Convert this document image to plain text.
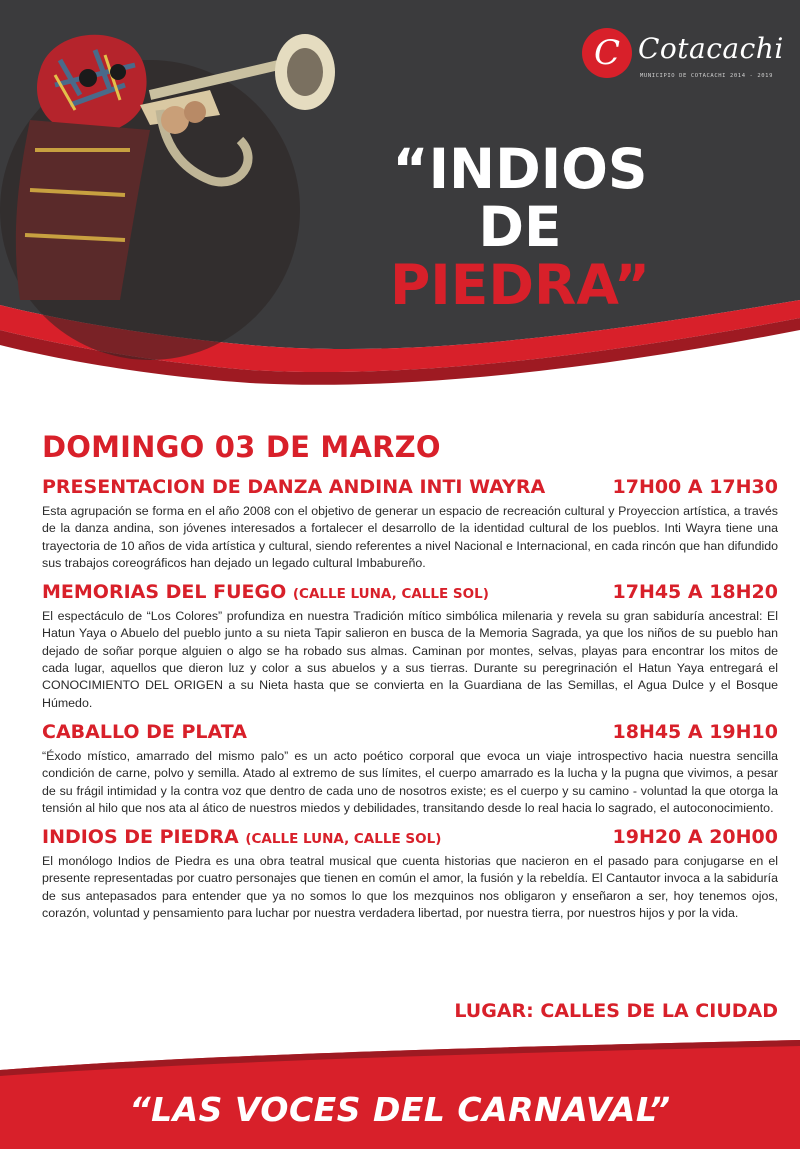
C Cotacachi
MUNICIPIO DE COTACACHI 2014 - 2019
“INDIOS
DE
PIEDRA”
DOMINGO 03 DE MARZO
PRESENTACION DE DANZA ANDINA INTI WAYRA	17H00 A 17H30
Esta agrupación se forma en el año 2008 con el objetivo de generar un espacio de recreación cultural y Proyeccion artística, a través de la danza andina, son jóvenes interesados a fortalecer el desarrollo de la identidad cultural de los pueblos. Inti Wayra tiene una trayectoria de 10 años de vida artística y cultural, siendo referentes a nivel Nacional e Internacional, en cada rincón que han difundido sus trabajos coreográficos han dejado un legado cultural Imbabureño.
MEMORIAS DEL FUEGO (CALLE LUNA, CALLE SOL)	17H45 A 18H20
El espectáculo de “Los Colores” profundiza en nuestra Tradición mítico simbólica milenaria y revela su gran sabiduría ancestral: El Hatun Yaya o Abuelo del pueblo junto a su nieta Tapir salieron en busca de la Memoria Sagrada, ya que los niños de su pueblo han dejado de soñar porque alguien o algo se ha robado sus almas. Caminan por montes, selvas, playas para encontrar los mitos de cada lugar, aquellos que dieron luz y color a sus abuelos y a sus tierras. Durante su peregrinación el Hatun Yaya entregará el CONOCIMIENTO DEL ORIGEN a su Nieta hasta que se convierta en la Guardiana de las Semillas, el Agua Dulce y el Bosque Húmedo.
CABALLO DE PLATA	18H45 A 19H10
“Éxodo místico, amarrado del mismo palo” es un acto poético corporal que evoca un viaje introspectivo hacia nuestra sencilla condición de carne, polvo y semilla. Atado al extremo de sus límites, el cuerpo amarrado es la lucha y la pugna que vivimos, a pesar de su frágil intimidad y la contra voz que dentro de cada uno de nosotros existe; es el cuerpo y su camino - voluntad la que otorga la tensión al hilo que nos ata al ático de nuestros miedos y debilidades, transitando desde lo real hacia lo sagrado, el autoconocimiento.
INDIOS DE PIEDRA (CALLE LUNA, CALLE SOL)	19H20 A 20H00
El monólogo Indios de Piedra es una obra teatral musical que cuenta historias que nacieron en el pasado para conjugarse en el presente representadas por cuatro personajes que tienen en común el amor, la fusión y la rebeldía. El Cantautor invoca a la sabiduría de sus antepasados para entender que ya no somos lo que los mezquinos nos obligaron y enseñaron a ser, hoy tenemos ojos, corazón, voluntad y pensamiento para luchar por nuestra verdadera libertad, por nuestra tierra, por nuestros hijos y por la vida.
LUGAR: CALLES DE LA CIUDAD
“LAS VOCES DEL CARNAVAL”
